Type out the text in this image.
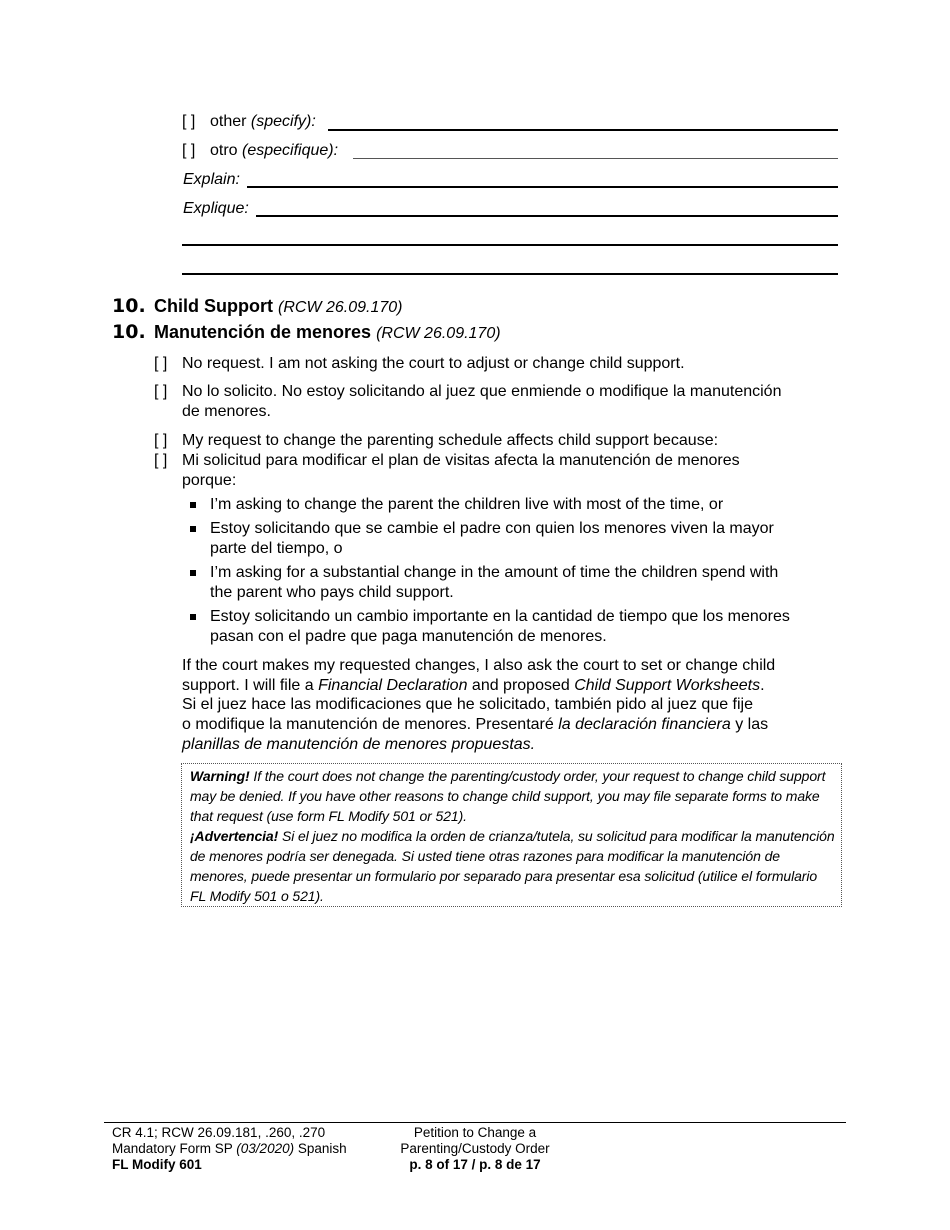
[ ] other (specify):
[ ] otro (especifique):
Explain:
Explique:
10. Child Support (RCW 26.09.170)
10. Manutención de menores (RCW 26.09.170)
[ ] No request. I am not asking the court to adjust or change child support.
[ ] No lo solicito. No estoy solicitando al juez que enmiende o modifique la manutención
de menores.
[ ] My request to change the parenting schedule affects child support because:
[ ] Mi solicitud para modificar el plan de visitas afecta la manutención de menores
porque:
I’m asking to change the parent the children live with most of the time, or
Estoy solicitando que se cambie el padre con quien los menores viven la mayor
parte del tiempo, o
I’m asking for a substantial change in the amount of time the children spend with
the parent who pays child support.
Estoy solicitando un cambio importante en la cantidad de tiempo que los menores
pasan con el padre que paga manutención de menores.
If the court makes my requested changes, I also ask the court to set or change child
support. I will file a Financial Declaration and proposed Child Support Worksheets.
Si el juez hace las modificaciones que he solicitado, también pido al juez que fije
o modifique la manutención de menores. Presentaré la declaración financiera y las
planillas de manutención de menores propuestas.

Warning! If the court does not change the parenting/custody order, your request to change child support may be denied. If you have other reasons to change child support, you may file separate forms to make that request (use form FL Modify 501 or 521).

¡Advertencia! Si el juez no modifica la orden de crianza/tutela, su solicitud para modificar la manutención de menores podría ser denegada. Si usted tiene otras razones para modificar la manutención de menores, puede presentar un formulario por separado para presentar esa solicitud (utilice el formulario FL Modify 501 o 521).

CR 4.1; RCW 26.09.181, .260, .270
Mandatory Form SP (03/2020) Spanish
FL Modify 601
Petition to Change a
Parenting/Custody Order
p. 8 of 17 / p. 8 de 17
